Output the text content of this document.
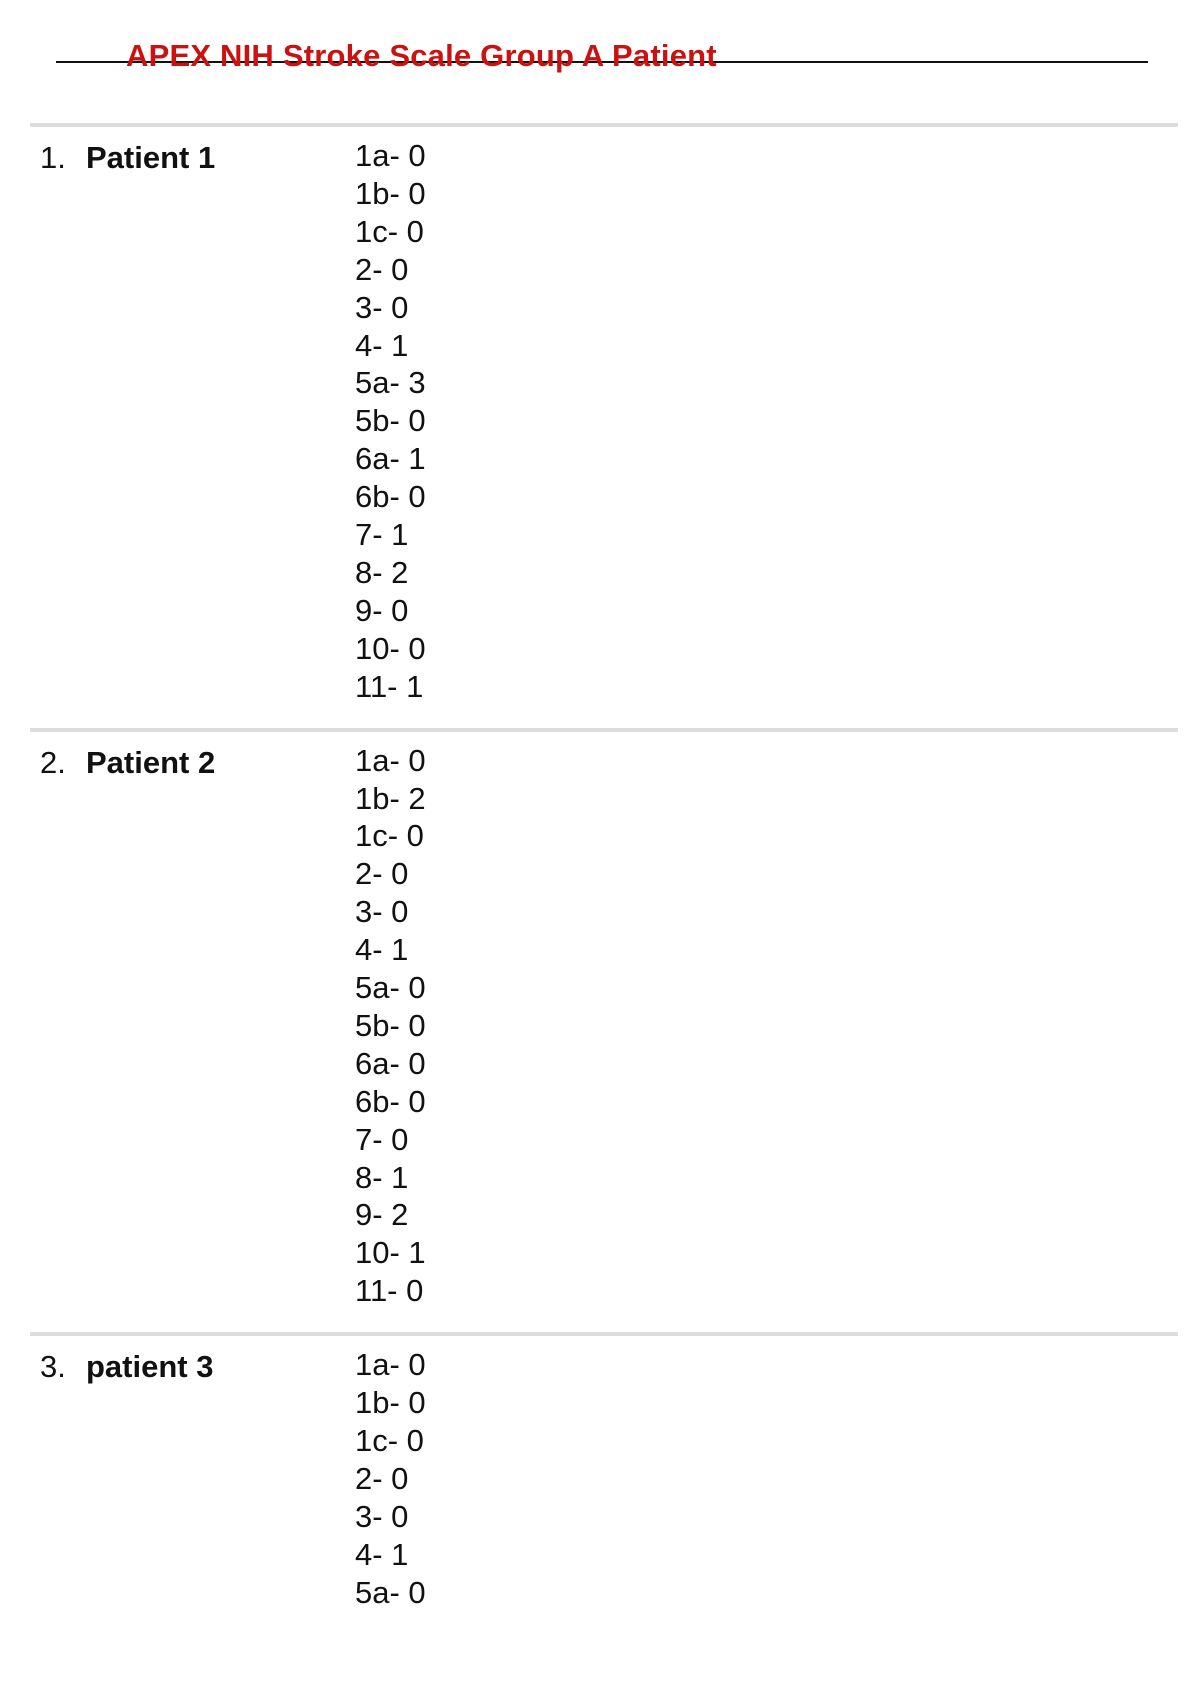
APEX NIH Stroke Scale Group A Patient
1. Patient 1	1a- 0
1b- 0
1c- 0
2- 0
3- 0
4- 1
5a- 3
5b- 0
6a- 1
6b- 0
7- 1
8- 2
9- 0
10- 0
11- 1
2. Patient 2	1a- 0
1b- 2
1c- 0
2- 0
3- 0
4- 1
5a- 0
5b- 0
6a- 0
6b- 0
7- 0
8- 1
9- 2
10- 1
11- 0
3. patient 3	1a- 0
1b- 0
1c- 0
2- 0
3- 0
4- 1
5a- 0
